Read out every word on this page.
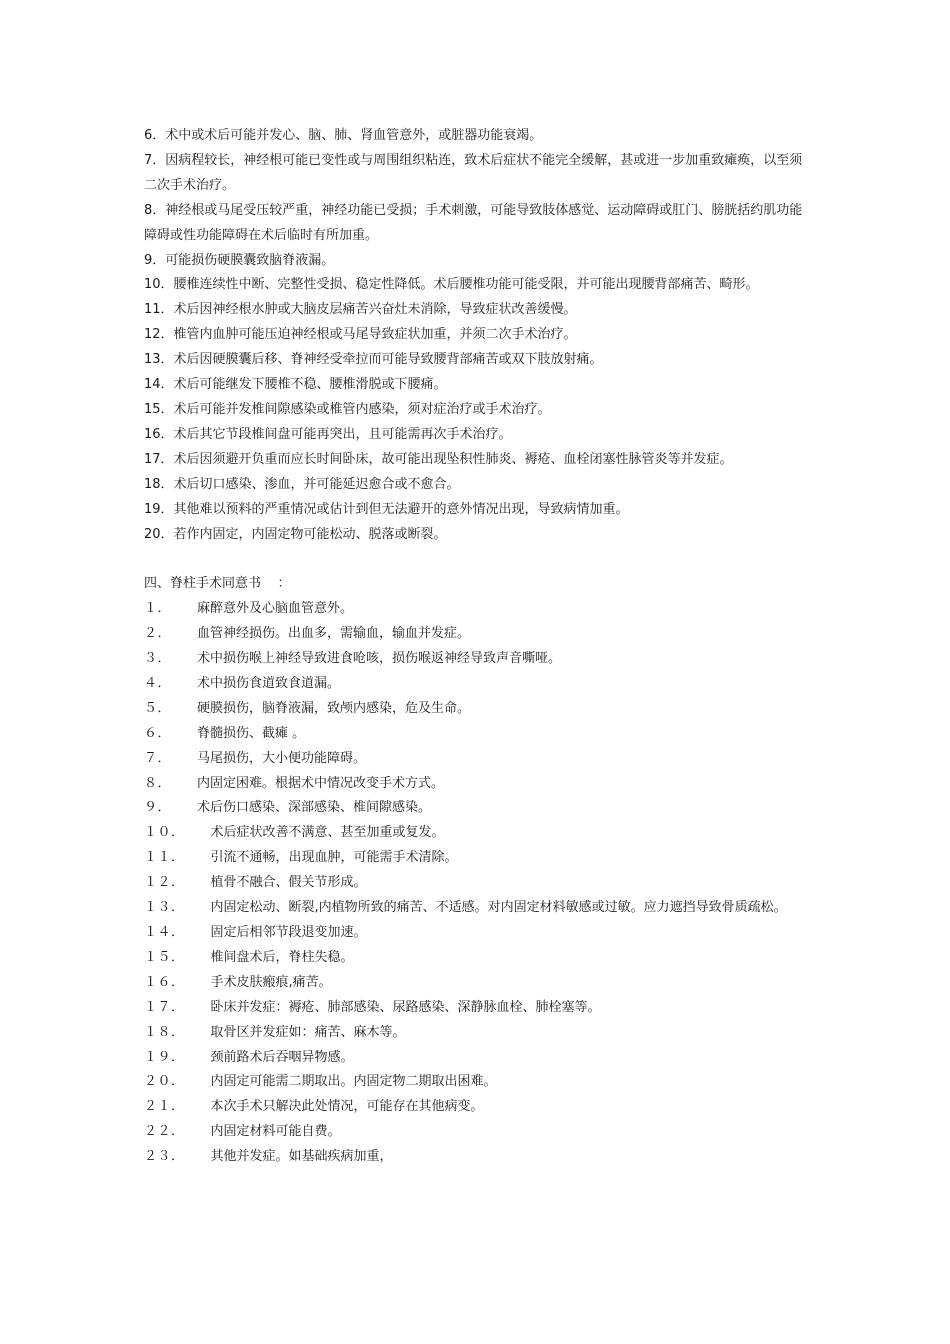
6．术中或术后可能并发心、脑、肺、肾血管意外，或脏器功能衰竭。

7．因病程较长，神经根可能已变性或与周围组织粘连，致术后症状不能完全缓解，甚或进一步加重致瘫痪，以至须二次手术治疗。

8．神经根或马尾受压较严重，神经功能已受损；手术刺激，可能导致肢体感觉、运动障碍或肛门、膀胱括约肌功能障碍或性功能障碍在术后临时有所加重。

9．可能损伤硬膜囊致脑脊液漏。

10．腰椎连续性中断、完整性受损、稳定性降低。术后腰椎功能可能受限，并可能出现腰背部痛苦、畸形。

11．术后因神经根水肿或大脑皮层痛苦兴奋灶未消除，导致症状改善缓慢。

12．椎管内血肿可能压迫神经根或马尾导致症状加重，并须二次手术治疗。

13．术后因硬膜囊后移、脊神经受牵拉而可能导致腰背部痛苦或双下肢放射痛。

14．术后可能继发下腰椎不稳、腰椎滑脱或下腰痛。

15．术后可能并发椎间隙感染或椎管内感染，须对症治疗或手术治疗。

16．术后其它节段椎间盘可能再突出，且可能需再次手术治疗。

17．术后因须避开负重而应长时间卧床，故可能出现坠积性肺炎、褥疮、血栓闭塞性脉管炎等并发症。

18．术后切口感染、渗血，并可能延迟愈合或不愈合。

19．其他难以预料的严重情况或估计到但无法避开的意外情况出现，导致病情加重。

20．若作内固定，内固定物可能松动、脱落或断裂。

四、脊柱手术同意书    ：

１． 麻醉意外及心脑血管意外。

２． 血管神经损伤。出血多，需输血，输血并发症。

３． 术中损伤喉上神经导致进食呛咳，损伤喉返神经导致声音嘶哑。

４． 术中损伤食道致食道漏。

５． 硬膜损伤，脑脊液漏，致颅内感染，危及生命。

６． 脊髓损伤、截瘫 。

７． 马尾损伤，大小便功能障碍。

８． 内固定困难。根据术中情况改变手术方式。

９． 术后伤口感染、深部感染、椎间隙感染。

１０． 术后症状改善不满意、甚至加重或复发。

１１． 引流不通畅，出现血肿，可能需手术清除。

１２． 植骨不融合、假关节形成。

１３． 内固定松动、断裂,内植物所致的痛苦、不适感。对内固定材料敏感或过敏。应力遮挡导致骨质疏松。

１４． 固定后相邻节段退变加速。

１５． 椎间盘术后，脊柱失稳。

１６． 手术皮肤瘢痕,痛苦。

１７． 卧床并发症：褥疮、肺部感染、尿路感染、深静脉血栓、肺栓塞等。

１８． 取骨区并发症如：痛苦、麻木等。

１９． 颈前路术后吞咽异物感。

２０． 内固定可能需二期取出。内固定物二期取出困难。

２１． 本次手术只解决此处情况，可能存在其他病变。

２２． 内固定材料可能自费。

２３． 其他并发症。如基础疾病加重，
